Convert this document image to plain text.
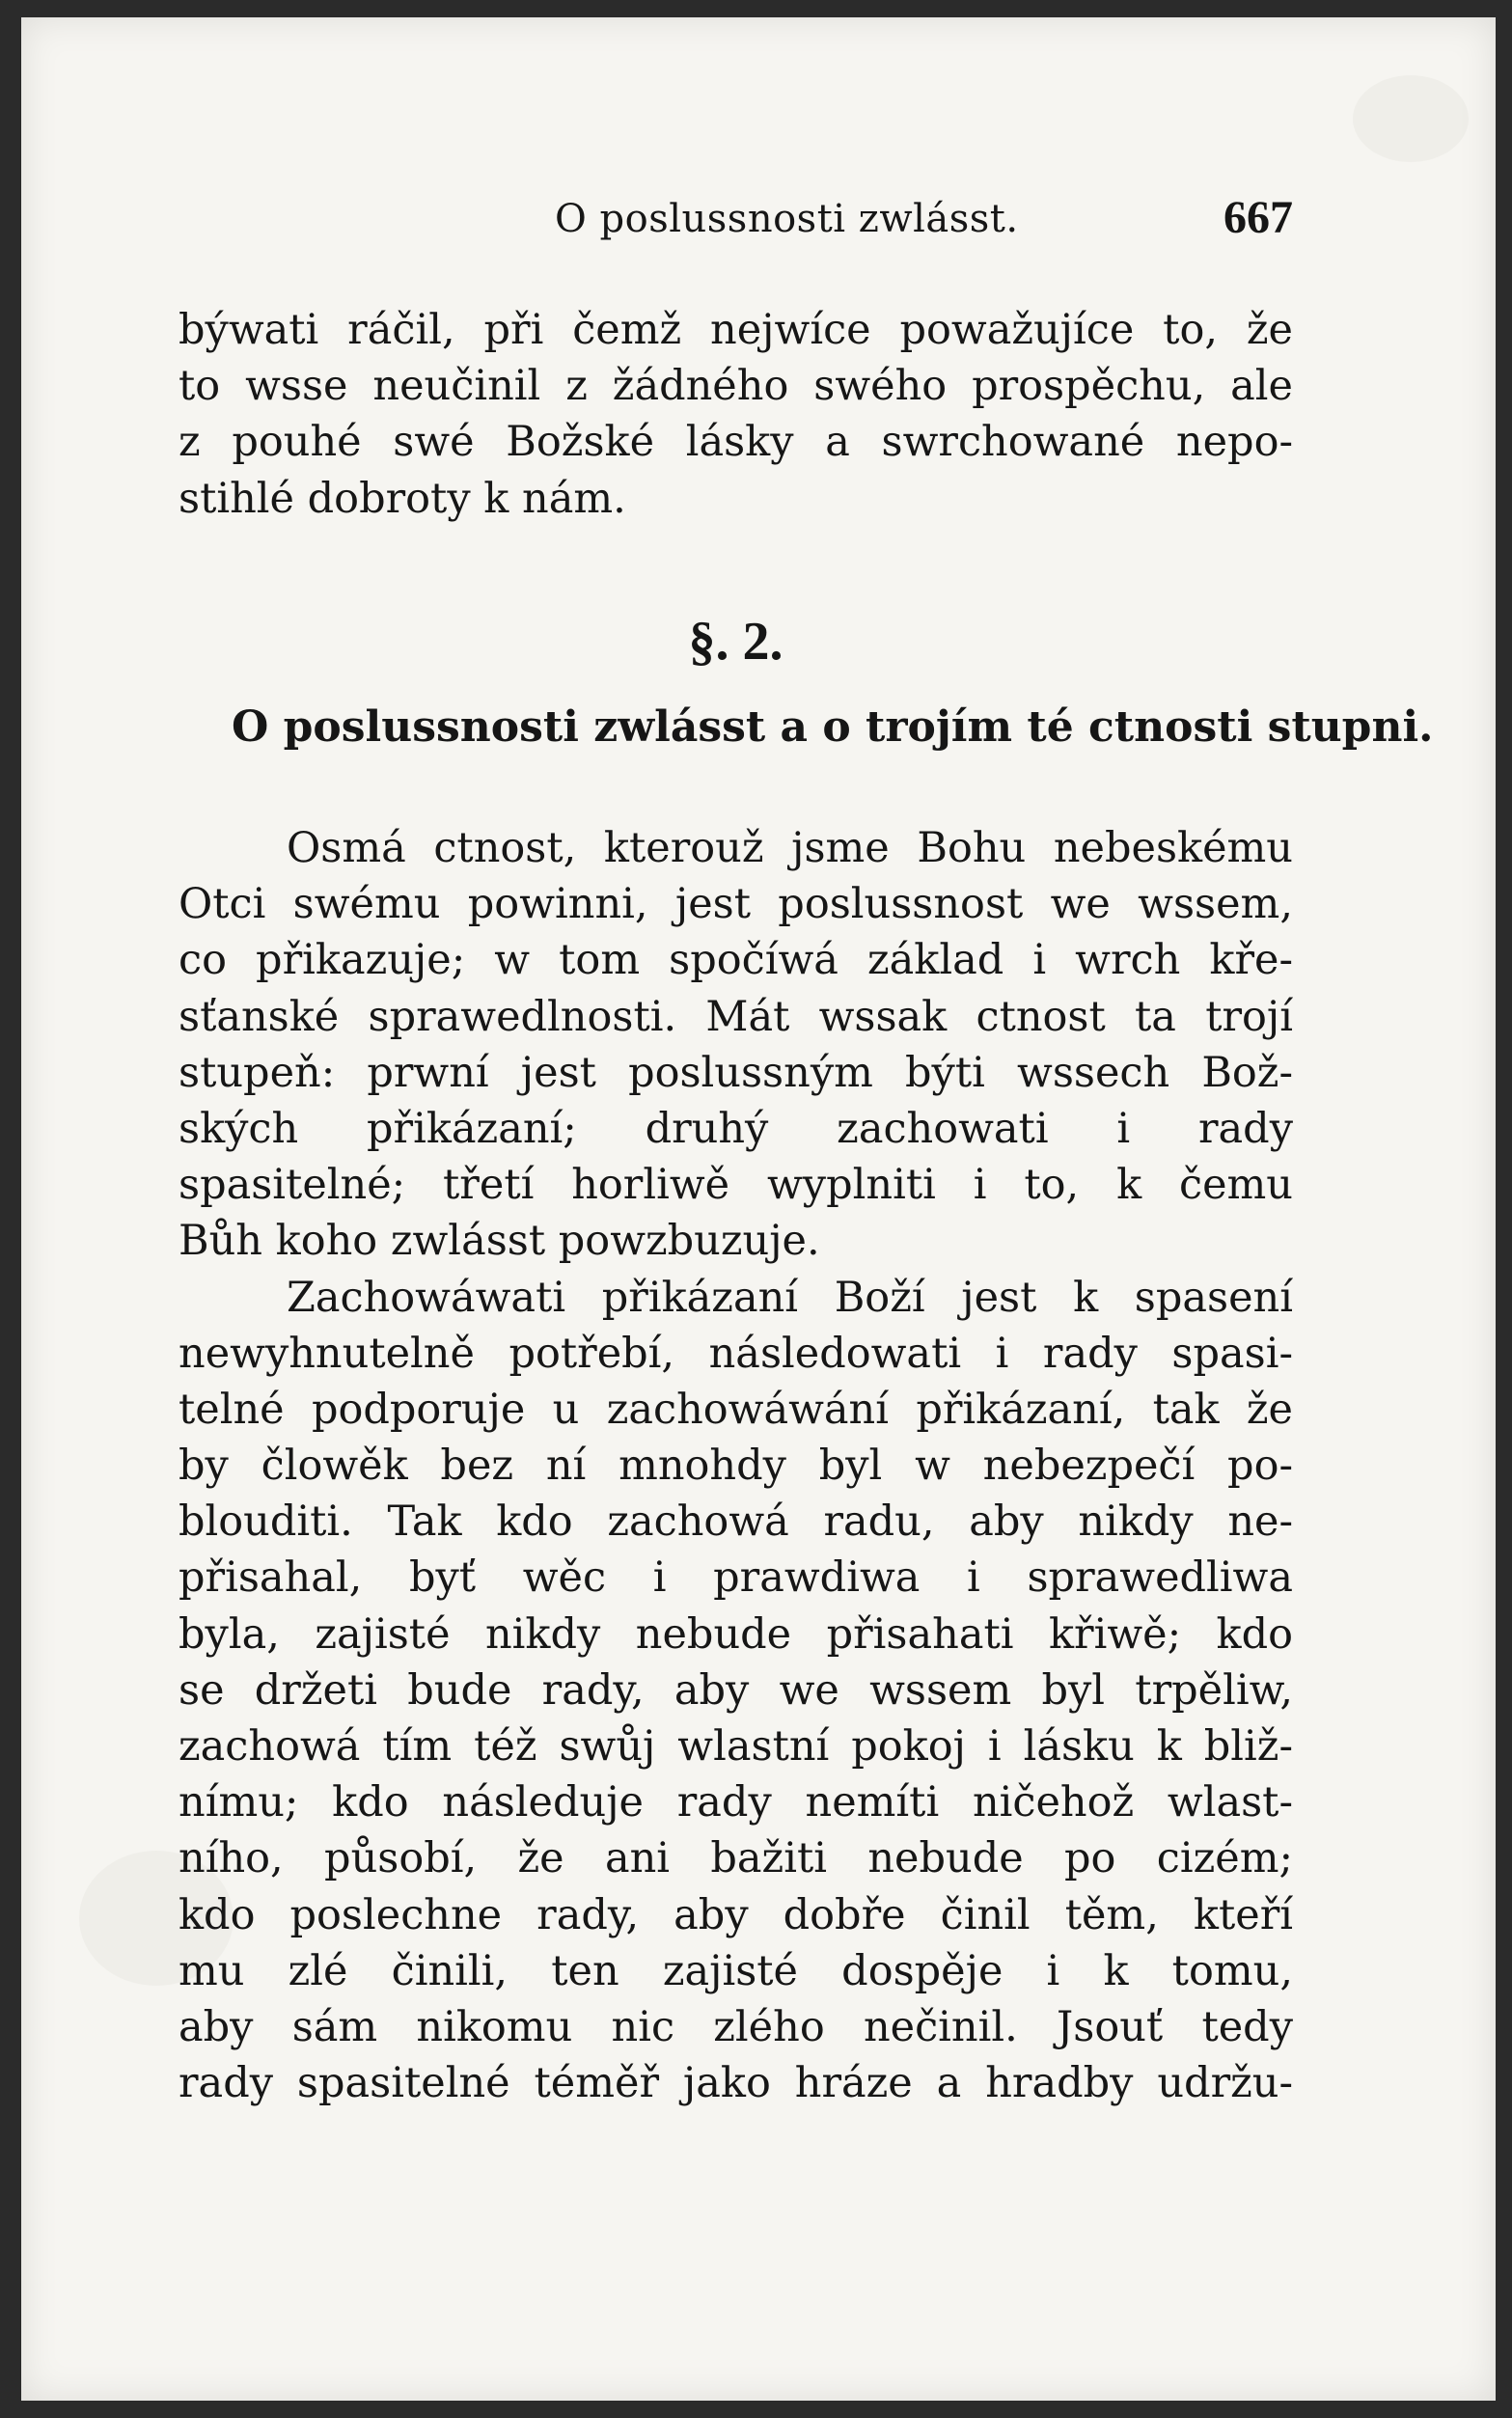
O poslussnosti zwlásst.	667
býwati ráčil, při čemž nejwíce powažujíce to, že
to wsse neučinil z žádného swého prospěchu, ale
z pouhé swé Božské lásky a swrchowané nepo-
stihlé dobroty k nám.
§. 2.
O poslussnosti zwlásst a o trojím té ctnosti stupni.
Osmá ctnost, kterouž jsme Bohu nebeskému
Otci swému powinni, jest poslussnost we wssem,
co přikazuje; w tom spočíwá základ i wrch kře-
sťanské sprawedlnosti. Mát wssak ctnost ta trojí
stupeň: prwní jest poslussným býti wssech Bož-
ských přikázaní; druhý zachowati i rady
spasitelné; třetí horliwě wyplniti i to, k čemu
Bůh koho zwlásst powzbuzuje.
Zachowáwati přikázaní Boží jest k spasení
newyhnutelně potřebí, následowati i rady spasi-
telné podporuje u zachowáwání přikázaní, tak že
by člowěk bez ní mnohdy byl w nebezpečí po-
blouditi. Tak kdo zachowá radu, aby nikdy ne-
přisahal, byť wěc i prawdiwa i sprawedliwa
byla, zajisté nikdy nebude přisahati křiwě; kdo
se držeti bude rady, aby we wssem byl trpěliw,
zachowá tím též swůj wlastní pokoj i lásku k bliž-
nímu; kdo následuje rady nemíti ničehož wlast-
ního, působí, že ani bažiti nebude po cizém;
kdo poslechne rady, aby dobře činil těm, kteří
mu zlé činili, ten zajisté dospěje i k tomu,
aby sám nikomu nic zlého nečinil. Jsouť tedy
rady spasitelné téměř jako hráze a hradby udržu-
